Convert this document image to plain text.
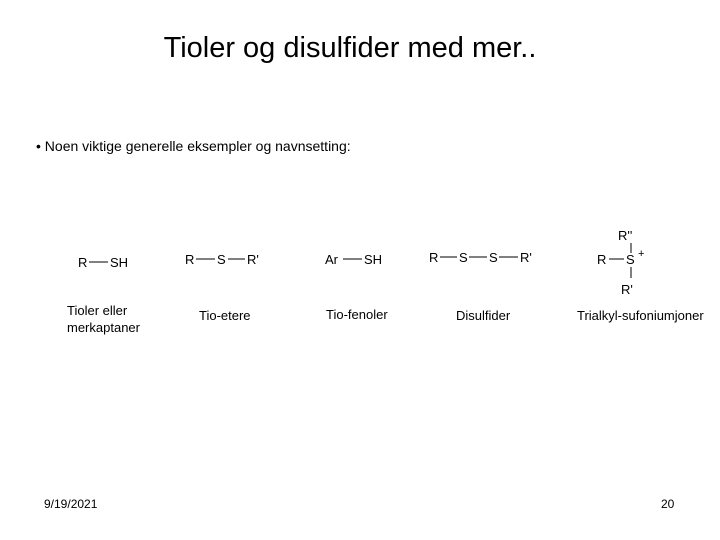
Tioler og disulfider med mer..
• Noen viktige generelle eksempler og navnsetting:
R SH
Tioler eller
merkaptaner
R S R'
Tio-etere
Ar SH
Tio-fenoler
R S S R'
Disulfider
R''
R S +
R'
Trialkyl-sufoniumjoner
9/19/2021	20
